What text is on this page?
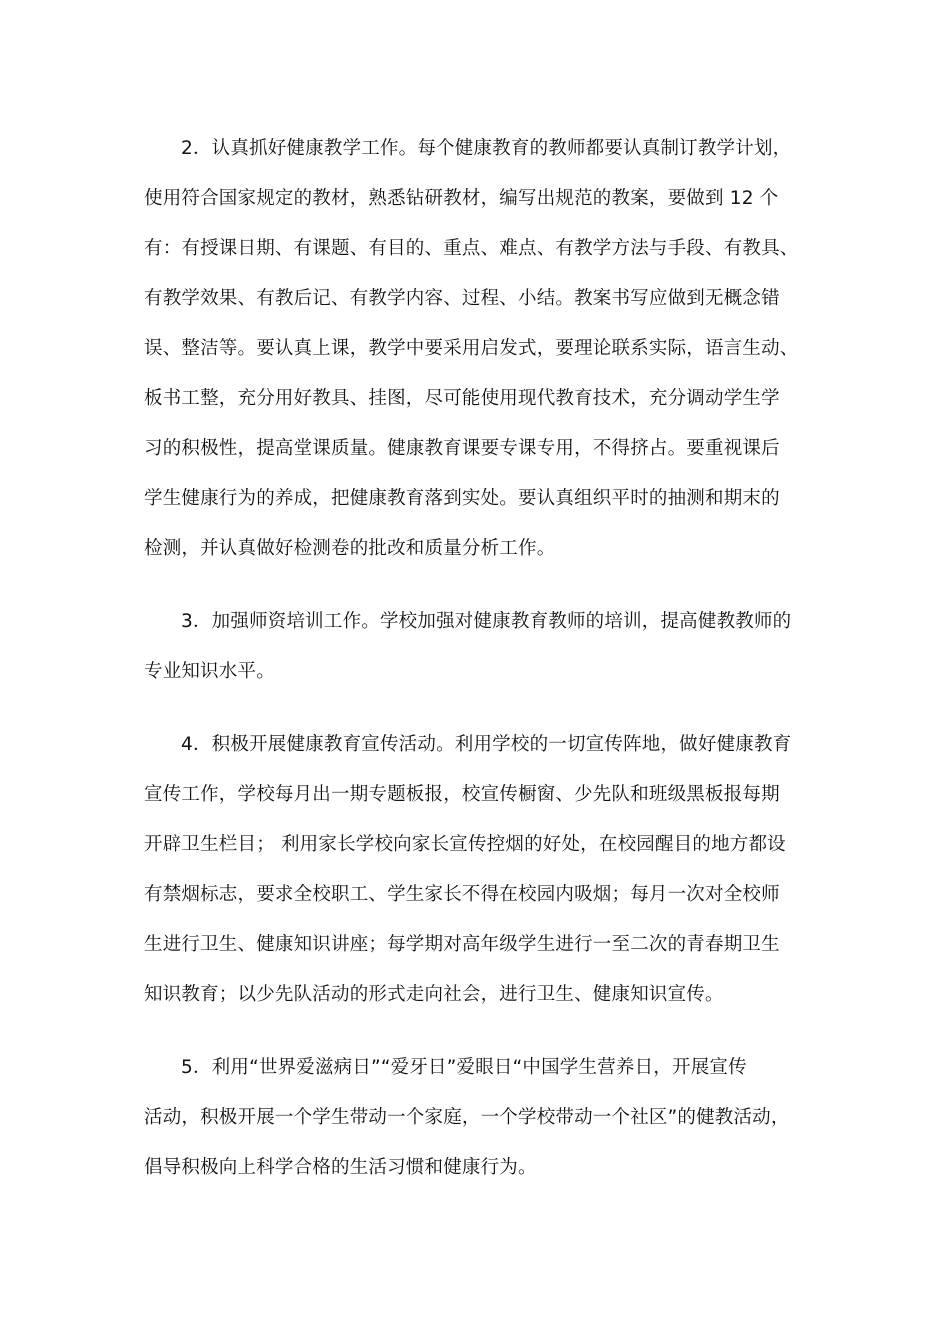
2．认真抓好健康教学工作。每个健康教育的教师都要认真制订教学计划，
使用符合国家规定的教材，熟悉钻研教材，编写出规范的教案，要做到 12 个
有：有授课日期、有课题、有目的、重点、难点、有教学方法与手段、有教具、
有教学效果、有教后记、有教学内容、过程、小结。教案书写应做到无概念错
误、整洁等。要认真上课，教学中要采用启发式，要理论联系实际，语言生动、
板书工整，充分用好教具、挂图，尽可能使用现代教育技术，充分调动学生学
习的积极性，提高堂课质量。健康教育课要专课专用，不得挤占。要重视课后
学生健康行为的养成，把健康教育落到实处。要认真组织平时的抽测和期末的
检测，并认真做好检测卷的批改和质量分析工作。
3．加强师资培训工作。学校加强对健康教育教师的培训，提高健教教师的
专业知识水平。
4．积极开展健康教育宣传活动。利用学校的一切宣传阵地，做好健康教育
宣传工作，学校每月出一期专题板报，校宣传橱窗、少先队和班级黑板报每期
开辟卫生栏目； 利用家长学校向家长宣传控烟的好处，在校园醒目的地方都设
有禁烟标志，要求全校职工、学生家长不得在校园内吸烟；每月一次对全校师
生进行卫生、健康知识讲座；每学期对高年级学生进行一至二次的青春期卫生
知识教育；以少先队活动的形式走向社会，进行卫生、健康知识宣传。
5．利用“世界爱滋病日”“爱牙日”爱眼日“中国学生营养日，开展宣传
活动，积极开展一个学生带动一个家庭，一个学校带动一个社区”的健教活动，
倡导积极向上科学合格的生活习惯和健康行为。
